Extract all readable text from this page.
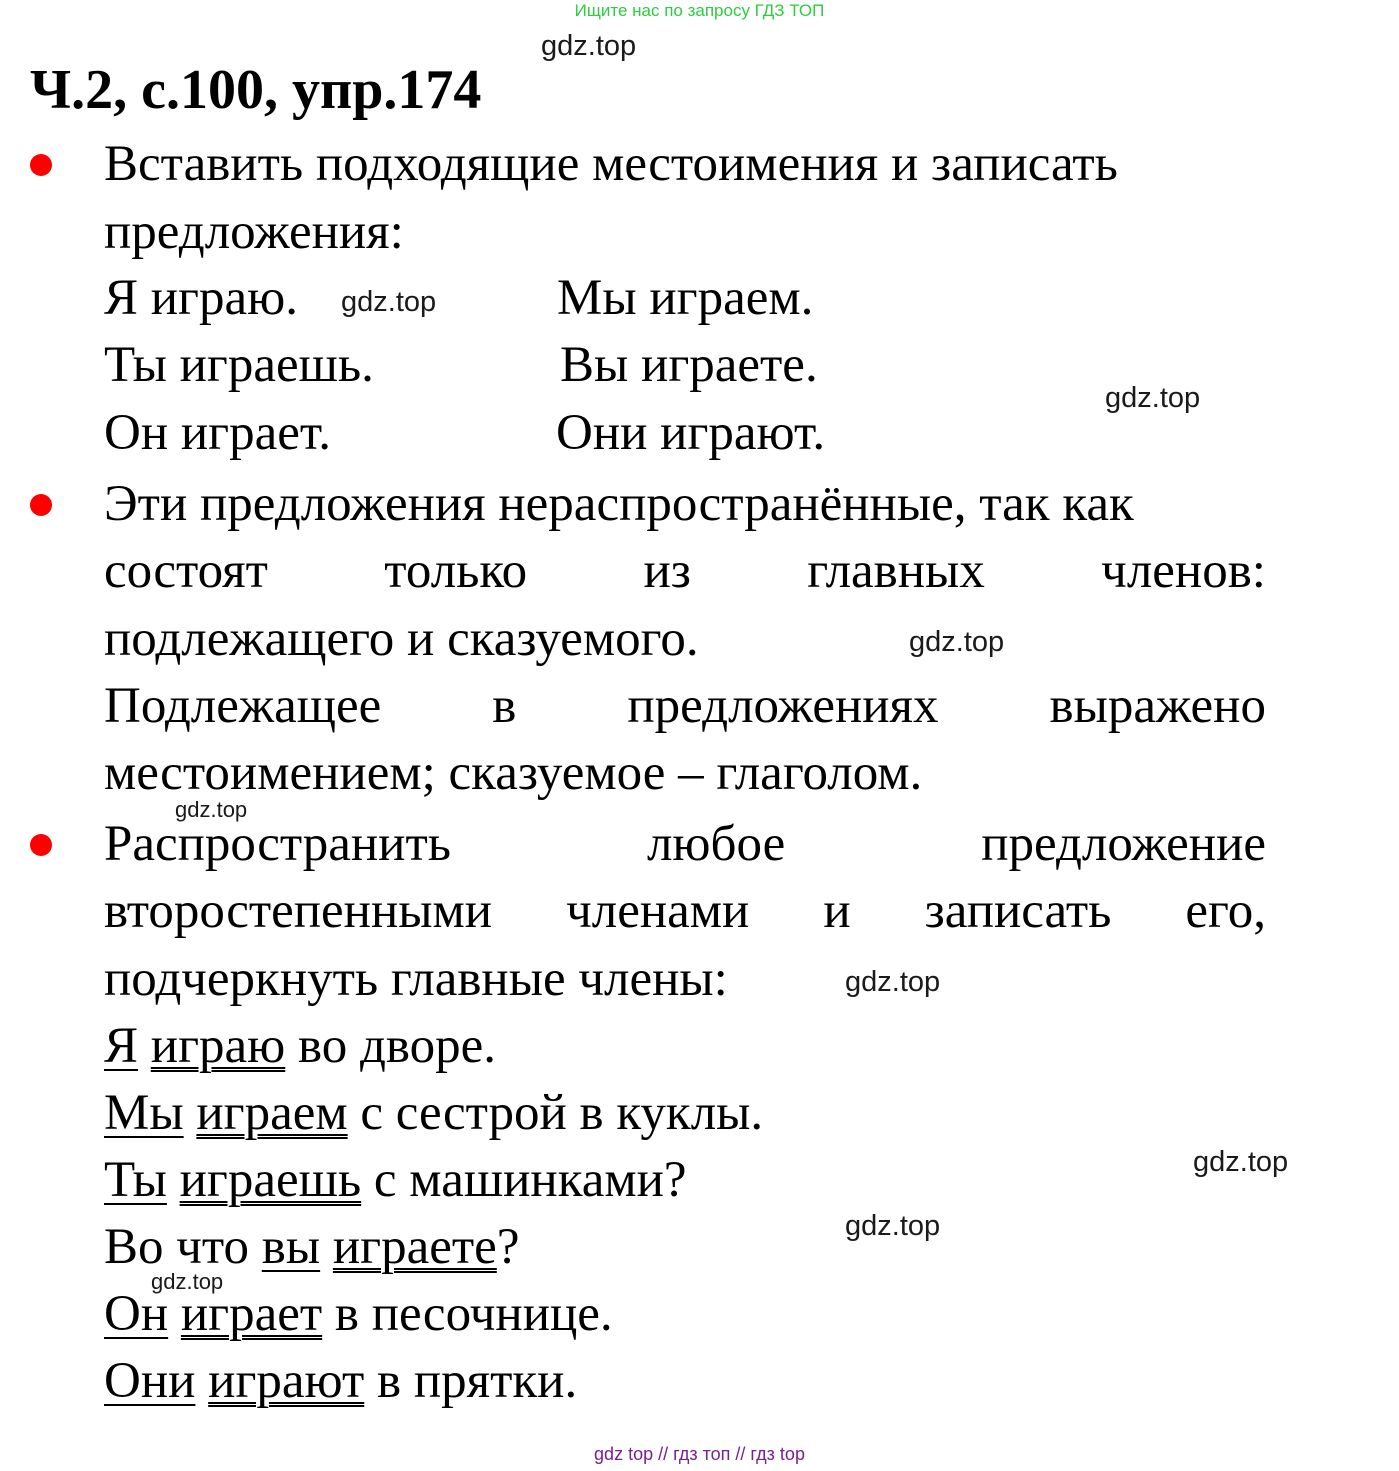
Ищите нас по запросу ГДЗ ТОП
gdz.top
Ч.2, с.100, упр.174
Вставить подходящие местоимения и записать
предложения:
Я играю. gdz.top Мы играем.
Ты играешь.	Вы играете.
gdz.top
Он играет.	Они играют.
Эти предложения нераспространённые, так как
состоят только из главных членов:
подлежащего и сказуемого.	gdz.top
Подлежащее в предложениях выражено
местоимением; сказуемое – глаголом.
gdz.top
Распространить	любое	предложение
второстепенными членами и записать его,
подчеркнуть главные члены:	gdz.top
Я играю во дворе.
Мы играем с сестрой в куклы.
gdz.top
Ты играешь с машинками?
gdz.top
Во что вы играете?
gdz.top
Он играет в песочнице.
Они играют в прятки.
gdz top // гдз топ // гдз top
